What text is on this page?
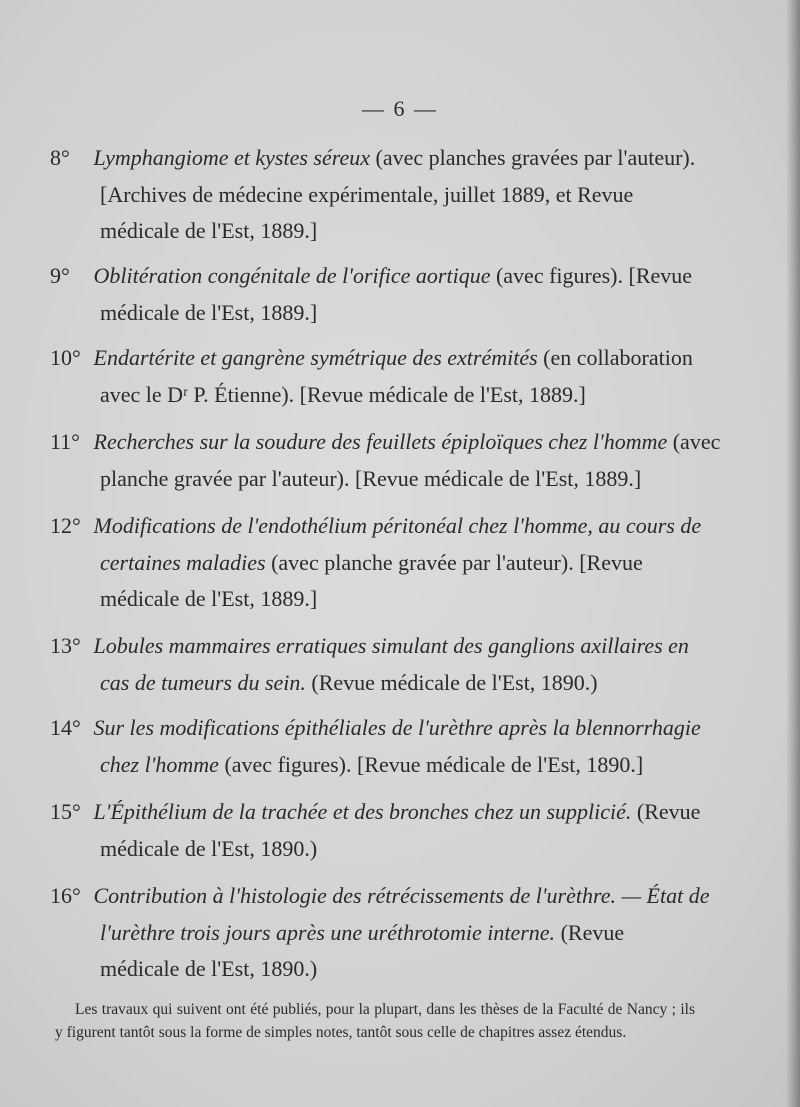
— 6 —
8° Lymphangiome et kystes séreux (avec planches gravées par l'auteur).
[Archives de médecine expérimentale, juillet 1889, et Revue médicale de l'Est, 1889.]
9° Oblitération congénitale de l'orifice aortique (avec figures). [Revue
médicale de l'Est, 1889.]
10° Endartérite et gangrène symétrique des extrémités (en collaboration
avec le Dʳ P. Étienne). [Revue médicale de l'Est, 1889.]
11° Recherches sur la soudure des feuillets épiploïques chez l'homme (avec
planche gravée par l'auteur). [Revue médicale de l'Est, 1889.]
12° Modifications de l'endothélium péritonéal chez l'homme, au cours de
certaines maladies (avec planche gravée par l'auteur). [Revue médicale de l'Est, 1889.]
13° Lobules mammaires erratiques simulant des ganglions axillaires en
cas de tumeurs du sein. (Revue médicale de l'Est, 1890.)
14° Sur les modifications épithéliales de l'urèthre après la blennorrhagie
chez l'homme (avec figures). [Revue médicale de l'Est, 1890.]
15° L'Épithélium de la trachée et des bronches chez un supplicié. (Revue
médicale de l'Est, 1890.)
16° Contribution à l'histologie des rétrécissements de l'urèthre. — État de
l'urèthre trois jours après une uréthrotomie interne. (Revue médicale de l'Est, 1890.)
Les travaux qui suivent ont été publiés, pour la plupart, dans les thèses de la Faculté de Nancy ; ils y figurent tantôt sous la forme de simples notes, tantôt sous celle de chapitres assez étendus.
